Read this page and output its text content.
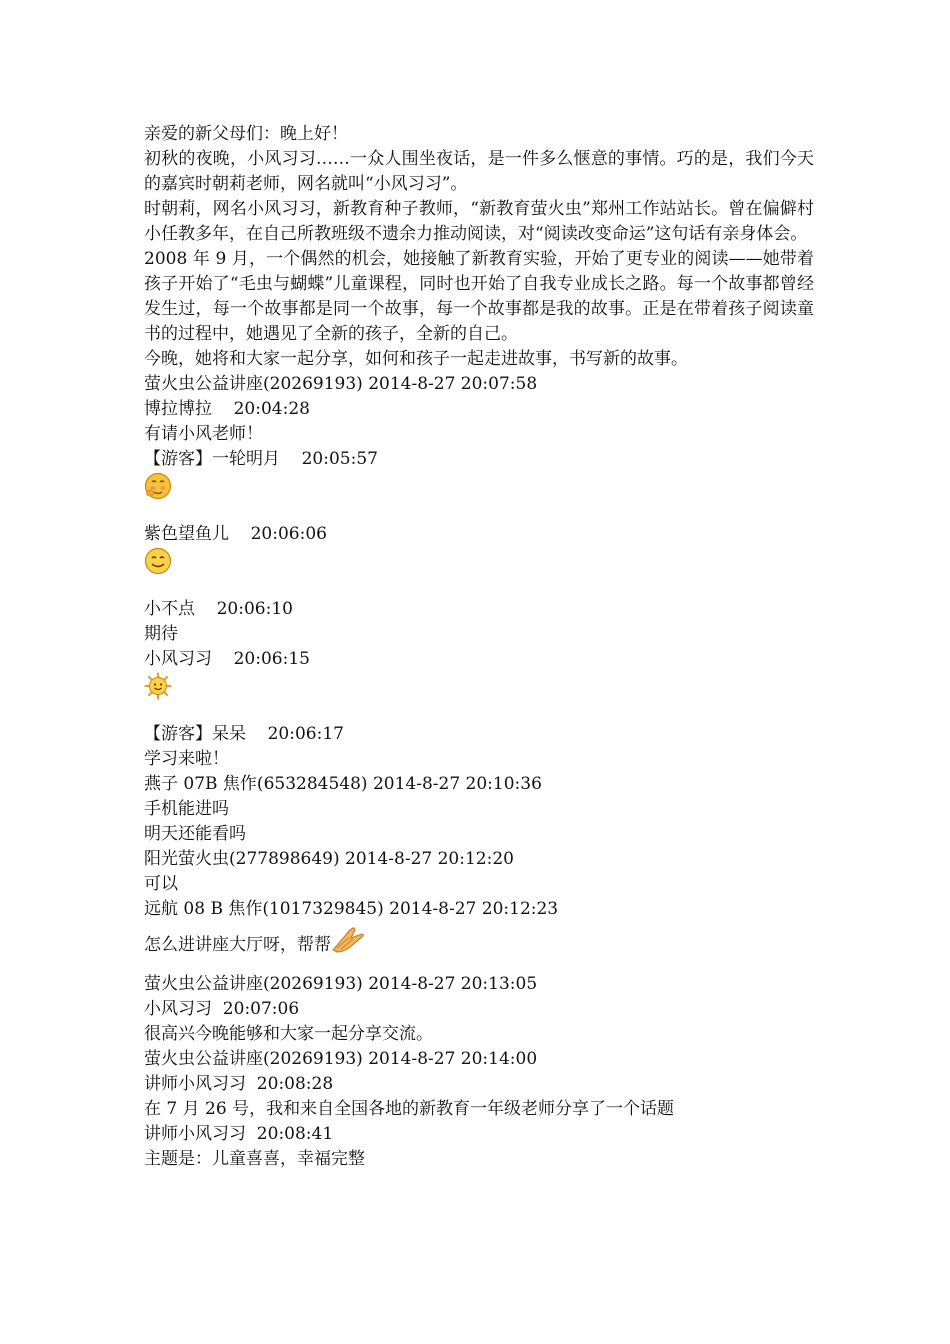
亲爱的新父母们：晚上好！
初秋的夜晚，小风习习……一众人围坐夜话，是一件多么惬意的事情。巧的是，我们今天的嘉宾时朝莉老师，网名就叫“小风习习”。
时朝莉，网名小风习习，新教育种子教师，“新教育萤火虫”郑州工作站站长。曾在偏僻村小任教多年，在自己所教班级不遗余力推动阅读，对“阅读改变命运”这句话有亲身体会。
2008 年 9 月，一个偶然的机会，她接触了新教育实验，开始了更专业的阅读——她带着孩子开始了“毛虫与蝴蝶”儿童课程，同时也开始了自我专业成长之路。每一个故事都曾经发生过，每一个故事都是同一个故事，每一个故事都是我的故事。正是在带着孩子阅读童书的过程中，她遇见了全新的孩子，全新的自己。
今晚，她将和大家一起分享，如何和孩子一起走进故事，书写新的故事。
萤火虫公益讲座(20269193) 2014-8-27 20:07:58
博拉博拉    20:04:28
有请小风老师！
【游客】一轮明月    20:05:57
紫色望鱼儿    20:06:06
小不点    20:06:10
期待
小风习习    20:06:15
【游客】呆呆    20:06:17
学习来啦！
燕子 07B 焦作(653284548) 2014-8-27 20:10:36
手机能进吗
明天还能看吗
阳光萤火虫(277898649) 2014-8-27 20:12:20
可以
远航 08 B 焦作(1017329845) 2014-8-27 20:12:23
怎么进讲座大厅呀，帮帮
萤火虫公益讲座(20269193) 2014-8-27 20:13:05
小风习习  20:07:06
很高兴今晚能够和大家一起分享交流。
萤火虫公益讲座(20269193) 2014-8-27 20:14:00
讲师小风习习  20:08:28
在 7 月 26 号，我和来自全国各地的新教育一年级老师分享了一个话题
讲师小风习习  20:08:41
主题是：儿童喜喜，幸福完整
